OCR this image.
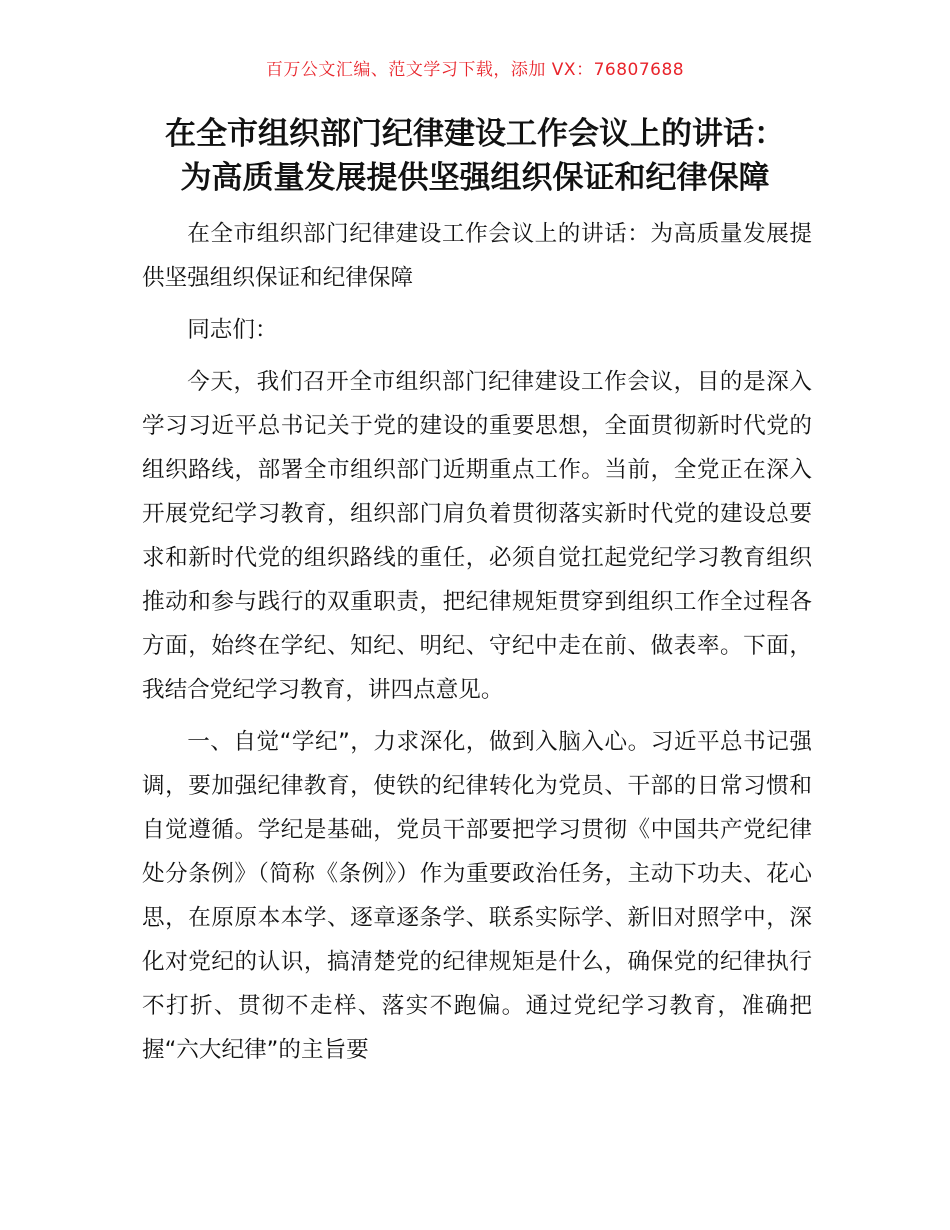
百万公文汇编、范文学习下载，添加 VX：76807688
在全市组织部门纪律建设工作会议上的讲话：
为高质量发展提供坚强组织保证和纪律保障

在全市组织部门纪律建设工作会议上的讲话：为高质量发展提供坚强组织保证和纪律保障

同志们：

今天，我们召开全市组织部门纪律建设工作会议，目的是深入学习习近平总书记关于党的建设的重要思想，全面贯彻新时代党的组织路线，部署全市组织部门近期重点工作。当前，全党正在深入开展党纪学习教育，组织部门肩负着贯彻落实新时代党的建设总要求和新时代党的组织路线的重任，必须自觉扛起党纪学习教育组织推动和参与践行的双重职责，把纪律规矩贯穿到组织工作全过程各方面，始终在学纪、知纪、明纪、守纪中走在前、做表率。下面，我结合党纪学习教育，讲四点意见。

一、自觉“学纪”，力求深化，做到入脑入心。习近平总书记强调，要加强纪律教育，使铁的纪律转化为党员、干部的日常习惯和自觉遵循。学纪是基础，党员干部要把学习贯彻《中国共产党纪律处分条例》（简称《条例》）作为重要政治任务，主动下功夫、花心思，在原原本本学、逐章逐条学、联系实际学、新旧对照学中，深化对党纪的认识，搞清楚党的纪律规矩是什么，确保党的纪律执行不打折、贯彻不走样、落实不跑偏。通过党纪学习教育，准确把握“六大纪律”的主旨要
